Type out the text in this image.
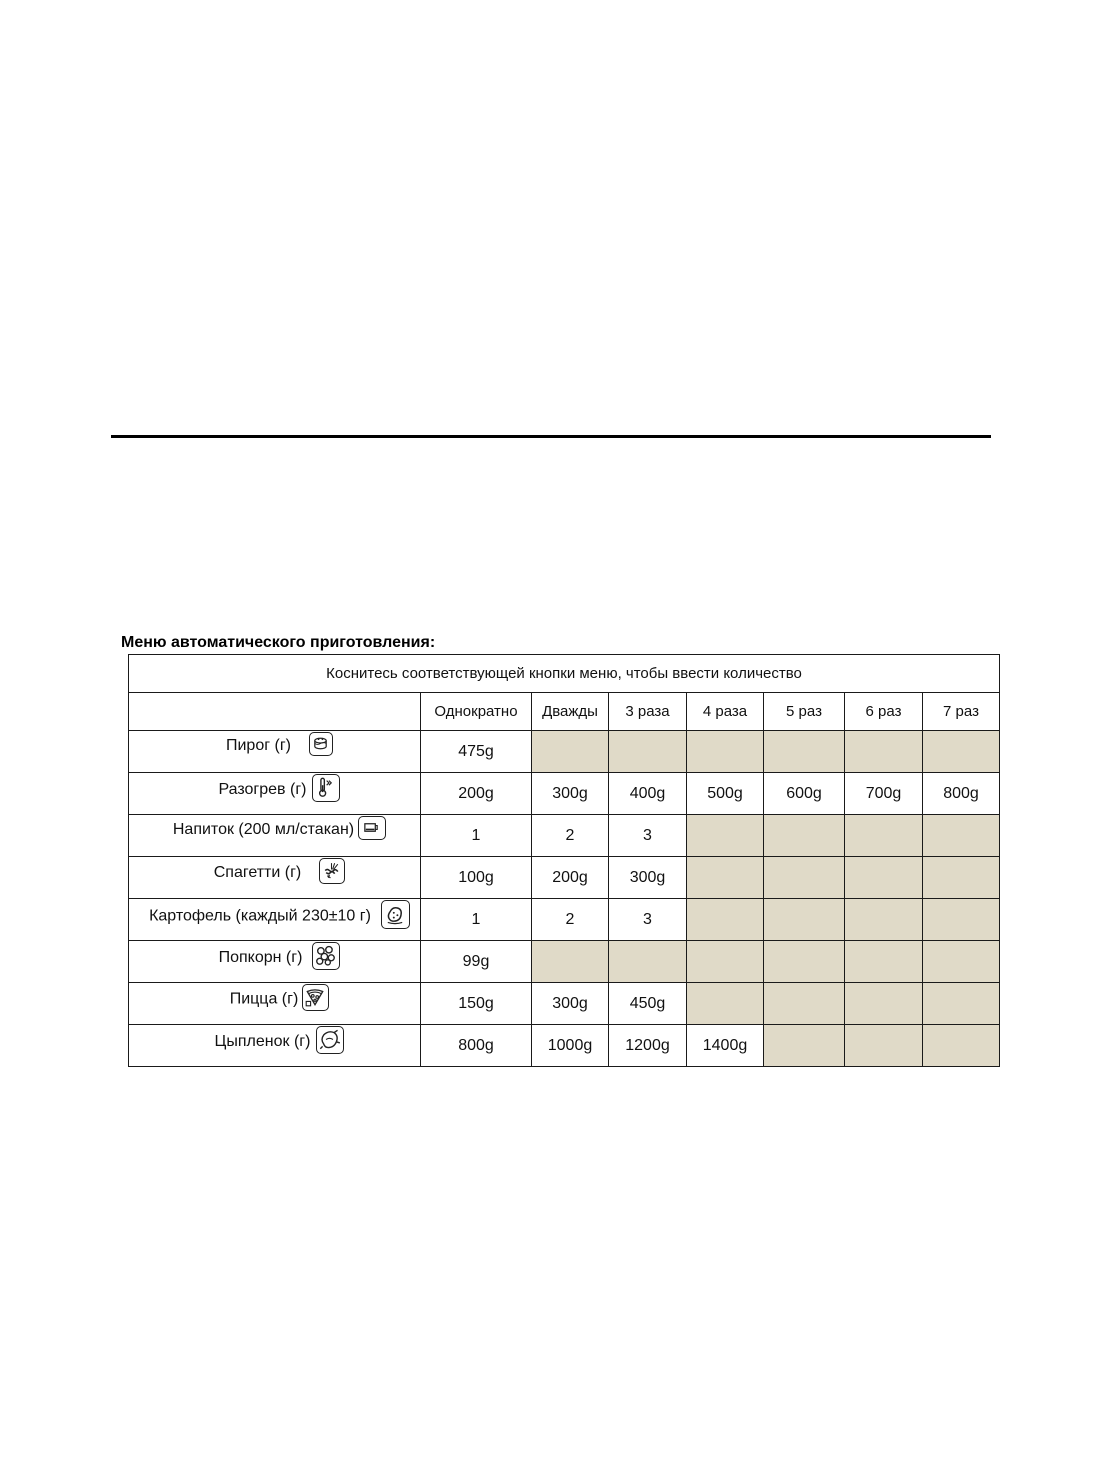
Меню автоматического приготовления:
Коснитесь соответствующей кнопки меню, чтобы ввести количество							
	Однократно	Дважды	3 раза	4 раза	5 раз	6 раз	7 раз
Пирог (г)	475g						
Разогрев (г)	200g	300g	400g	500g	600g	700g	800g
Напиток (200 мл/стакан)	1	2	3				
Спагетти (г)	100g	200g	300g				
Картофель (каждый 230±10 г)	1	2	3				
Попкорн (г)	99g						
Пицца (г)	150g	300g	450g				
Цыпленок (г)	800g	1000g	1200g	1400g			
